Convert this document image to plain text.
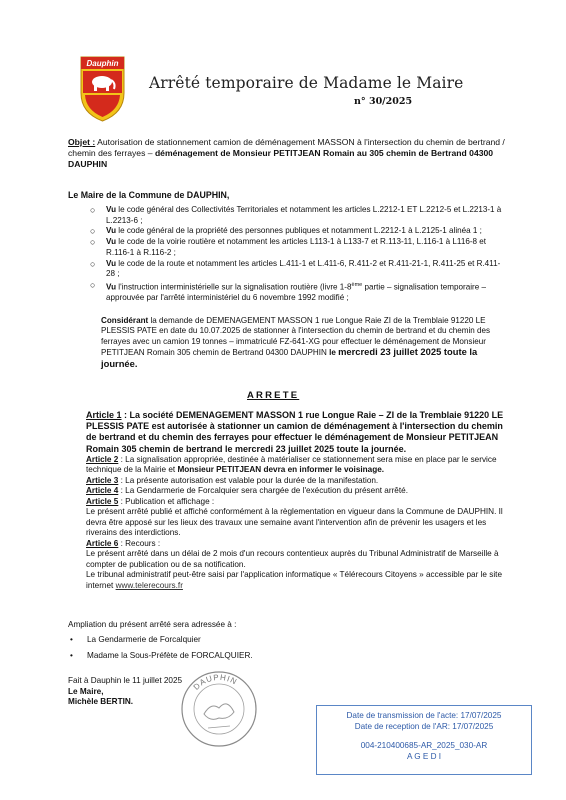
Dauphin
Arrêté temporaire de Madame le Maire
n° 30/2025
Objet : Autorisation de stationnement camion de déménagement MASSON à l'intersection du chemin de bertrand / chemin des ferrayes – déménagement de Monsieur PETITJEAN Romain au 305 chemin de Bertrand 04300 DAUPHIN
Le Maire de la Commune de DAUPHIN,
○ Vu le code général des Collectivités Territoriales et notamment les articles L.2212-1 ET L.2212-5 et L.2213-1 à L.2213-6 ;
○ Vu le code général de la propriété des personnes publiques et notamment L.2212-1 à L.2125-1 alinéa 1 ;
○ Vu le code de la voirie routière et notamment les articles L113-1 à L133-7 et R.113-11, L.116-1 à L116-8 et R.116-1 à R.116-2 ;
○ Vu le code de la route et notamment les articles L.411-1 et L.411-6, R.411-2 et R.411-21-1, R.411-25 et R.411-28 ;
○ Vu l'instruction interministérielle sur la signalisation routière (livre 1-8ème partie – signalisation temporaire – approuvée par l'arrêté interministériel du 6 novembre 1992 modifié ;
Considérant la demande de DEMENAGEMENT MASSON 1 rue Longue Raie ZI de la Tremblaie 91220 LE PLESSIS PATE en date du 10.07.2025 de stationner à l'intersection du chemin de bertrand et du chemin des ferrayes avec un camion 19 tonnes – immatriculé FZ-641-XG pour effectuer le déménagement de Monsieur PETITJEAN Romain 305 chemin de Bertrand 04300 DAUPHIN le mercredi 23 juillet 2025 toute la journée.
ARRETE

Article 1 : La société DEMENAGEMENT MASSON 1 rue Longue Raie – ZI de la Tremblaie 91220 LE PLESSIS PATE est autorisée à stationner un camion de déménagement à l'intersection du chemin de bertrand et du chemin des ferrayes pour effectuer le déménagement de Monsieur PETITJEAN Romain 305 chemin de bertrand le mercredi 23 juillet 2025 toute la journée.

Article 2 : La signalisation appropriée, destinée à matérialiser ce stationnement sera mise en place par le service technique de la Mairie et Monsieur PETITJEAN devra en informer le voisinage.

Article 3 : La présente autorisation est valable pour la durée de la manifestation.

Article 4 : La Gendarmerie de Forcalquier sera chargée de l'exécution du présent arrêté.

Article 5 : Publication et affichage :

Le présent arrêté publié et affiché conformément à la règlementation en vigueur dans la Commune de DAUPHIN. Il devra être apposé sur les lieux des travaux une semaine avant l'intervention afin de prévenir les usagers et les riverains des interdictions.

Article 6 : Recours :

Le présent arrêté dans un délai de 2 mois d'un recours contentieux auprès du Tribunal Administratif de Marseille à compter de publication ou de sa notification.

Le tribunal administratif peut-être saisi par l'application informatique « Télérecours Citoyens » accessible par le site internet www.telerecours.fr

Ampliation du présent arrêté sera adressée à :
• La Gendarmerie de Forcalquier
• Madame la Sous-Préfète de FORCALQUIER.
Fait à Dauphin le 11 juillet 2025
Le Maire,
Michèle BERTIN.
DAUPHIN
Date de transmission de l'acte: 17/07/2025
Date de reception de l'AR: 17/07/2025
004-210400685-AR_2025_030-AR
A G E D I
